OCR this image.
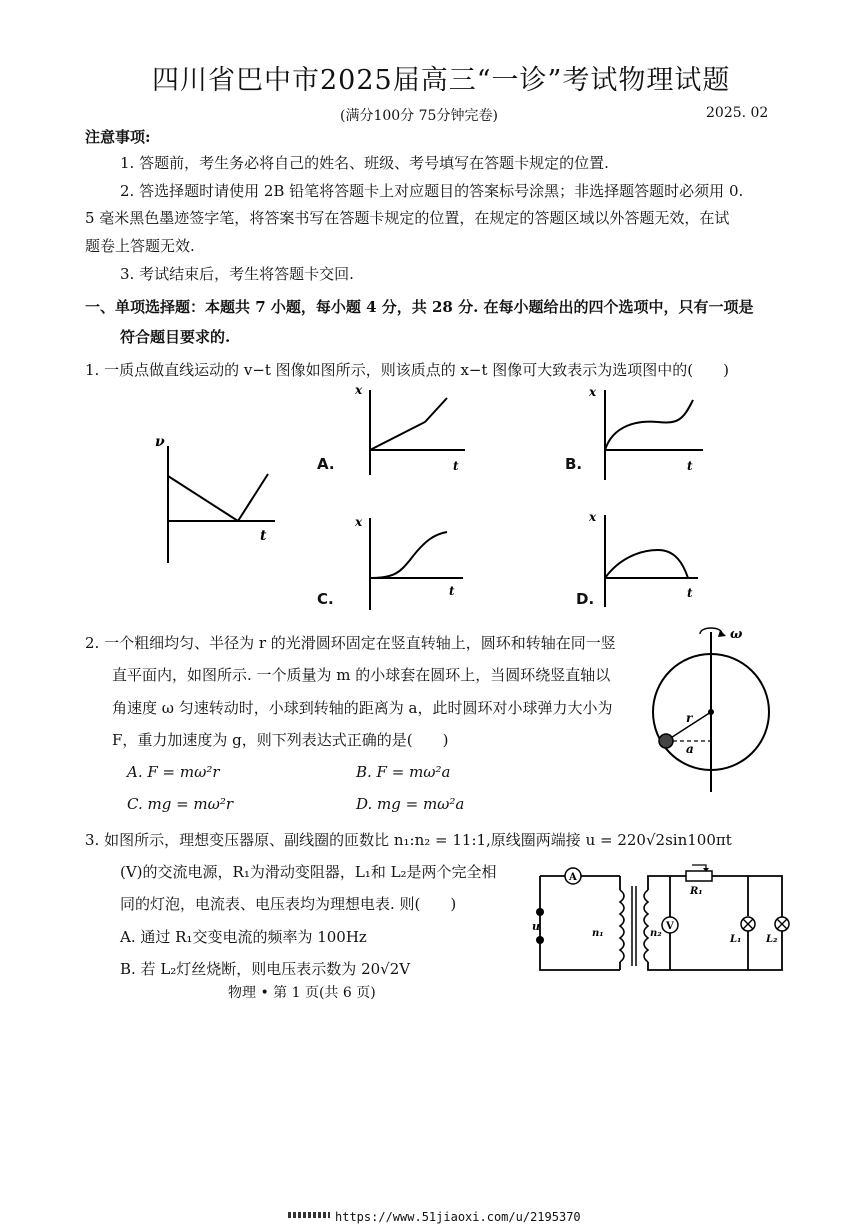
四川省巴中市2025届高三“一诊”考试物理试题
(满分100分 75分钟完卷)	2025. 02
注意事项:
1. 答题前，考生务必将自己的姓名、班级、考号填写在答题卡规定的位置.
2. 答选择题时请使用 2B 铅笔将答题卡上对应题目的答案标号涂黑；非选择题答题时必须用 0.
5 毫米黑色墨迹签字笔，将答案书写在答题卡规定的位置，在规定的答题区域以外答题无效，在试
题卷上答题无效.
3. 考试结束后，考生将答题卡交回.
一、单项选择题：本题共 7 小题，每小题 4 分，共 28 分. 在每小题给出的四个选项中，只有一项是
符合题目要求的.
1. 一质点做直线运动的 v−t 图像如图所示，则该质点的 x−t 图像可大致表示为选项图中的(　　)
ν
t
x
t
A.
x
t
B.
x
t
C.
x
t
D.
2. 一个粗细均匀、半径为 r 的光滑圆环固定在竖直转轴上，圆环和转轴在同一竖
直平面内，如图所示. 一个质量为 m 的小球套在圆环上，当圆环绕竖直轴以
角速度 ω 匀速转动时，小球到转轴的距离为 a，此时圆环对小球弹力大小为
F，重力加速度为 g，则下列表达式正确的是(　　)
A. F = mω²r	B. F = mω²a
C. mg = mω²r	D. mg = mω²a
ω
r
a
3. 如图所示，理想变压器原、副线圈的匝数比 n₁:n₂ = 11:1,原线圈两端接 u = 220√2sin100πt
(V)的交流电源，R₁为滑动变阻器，L₁和 L₂是两个完全相
同的灯泡，电流表、电压表均为理想电表. 则(　　)
A. 通过 R₁交变电流的频率为 100Hz
B. 若 L₂灯丝烧断，则电压表示数为 20√2V
A
u
n₁	n₂
V
R₁
L₁ L₂
物理 • 第 1 页(共 6 页)
https://www.51jiaoxi.com/u/2195370
